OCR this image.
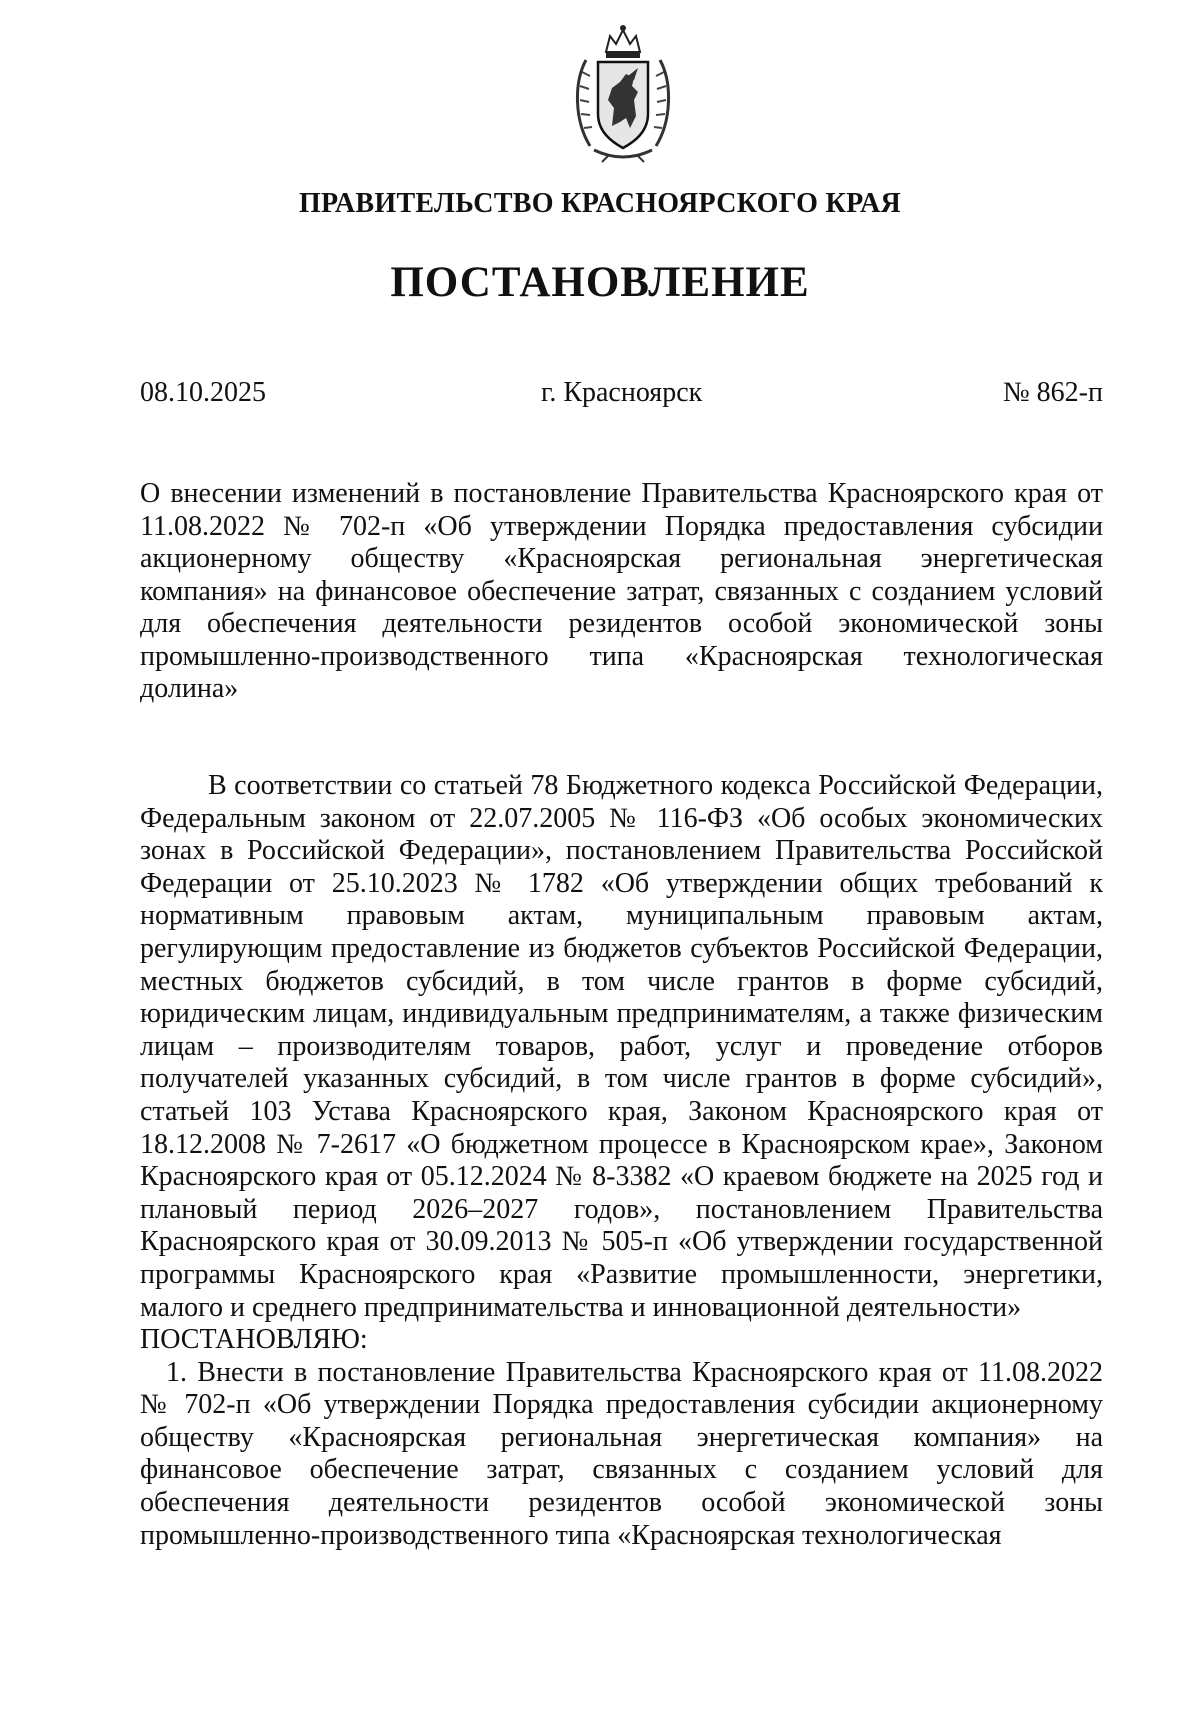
ПРАВИТЕЛЬСТВО КРАСНОЯРСКОГО КРАЯ
ПОСТАНОВЛЕНИЕ
08.10.2025	г. Красноярск	№ 862-п
О внесении изменений в постановление Правительства Красноярского края от 11.08.2022 № 702-п «Об утверждении Порядка предоставления субсидии акционерному обществу «Красноярская региональная энергетическая компания» на финансовое обеспечение затрат, связанных с созданием условий для обеспечения деятельности резидентов особой экономической зоны промышленно-производственного типа «Красноярская технологическая долина»

В соответствии со статьей 78 Бюджетного кодекса Российской Федерации, Федеральным законом от 22.07.2005 № 116-ФЗ «Об особых экономических зонах в Российской Федерации», постановлением Правительства Российской Федерации от 25.10.2023 № 1782 «Об утверждении общих требований к нормативным правовым актам, муниципальным правовым актам, регулирующим предоставление из бюджетов субъектов Российской Федерации, местных бюджетов субсидий, в том числе грантов в форме субсидий, юридическим лицам, индивидуальным предпринимателям, а также физическим лицам – производителям товаров, работ, услуг и проведение отборов получателей указанных субсидий, в том числе грантов в форме субсидий», статьей 103 Устава Красноярского края, Законом Красноярского края от 18.12.2008 № 7-2617 «О бюджетном процессе в Красноярском крае», Законом Красноярского края от 05.12.2024 № 8-3382 «О краевом бюджете на 2025 год и плановый период 2026–2027 годов», постановлением Правительства Красноярского края от 30.09.2013 № 505-п «Об утверждении государственной программы Красноярского края «Развитие промышленности, энергетики, малого и среднего предпринимательства и инновационной деятельности»

ПОСТАНОВЛЯЮ:

1. Внести в постановление Правительства Красноярского края от 11.08.2022 № 702-п «Об утверждении Порядка предоставления субсидии акционерному обществу «Красноярская региональная энергетическая компания» на финансовое обеспечение затрат, связанных с созданием условий для обеспечения деятельности резидентов особой экономической зоны промышленно-производственного типа «Красноярская технологическая
